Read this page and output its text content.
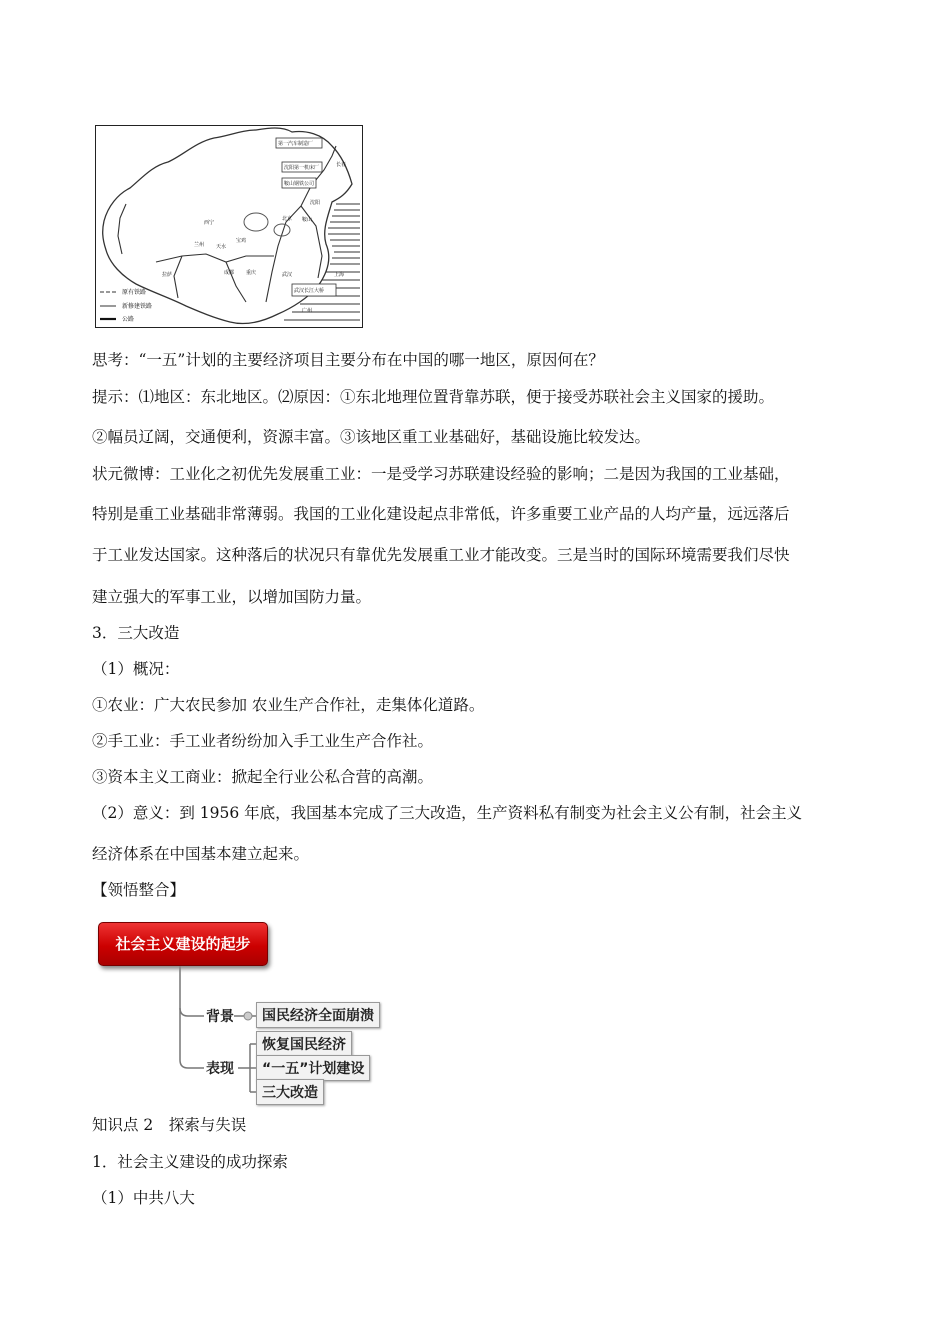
第一汽车制造厂
沈阳第一机床厂
鞍山钢铁公司
武汉长江大桥
长春
沈阳
鞍山
北京
上海
西宁
宝鸡
天水
兰州
拉萨	重庆
成都
广州
武汉
原有铁路
新修建铁路
公路
思考：“一五”计划的主要经济项目主要分布在中国的哪一地区，原因何在？
提示：⑴地区：东北地区。⑵原因：①东北地理位置背靠苏联，便于接受苏联社会主义国家的援助。
②幅员辽阔，交通便利，资源丰富。③该地区重工业基础好，基础设施比较发达。
状元微博：工业化之初优先发展重工业：一是受学习苏联建设经验的影响；二是因为我国的工业基础，
特别是重工业基础非常薄弱。我国的工业化建设起点非常低，许多重要工业产品的人均产量，远远落后
于工业发达国家。这种落后的状况只有靠优先发展重工业才能改变。三是当时的国际环境需要我们尽快
建立强大的军事工业，以增加国防力量。
3．三大改造
（1）概况：
①农业：广大农民参加 农业生产合作社，走集体化道路。
②手工业：手工业者纷纷加入手工业生产合作社。
③资本主义工商业：掀起全行业公私合营的高潮。
（2）意义：到 1956 年底，我国基本完成了三大改造，生产资料私有制变为社会主义公有制，社会主义
经济体系在中国基本建立起来。
【领悟整合】
社会主义建设的起步
背景	国民经济全面崩溃
表现
恢复国民经济
“一五”计划建设
三大改造
知识点 2　探索与失误
1．社会主义建设的成功探索
（1）中共八大
